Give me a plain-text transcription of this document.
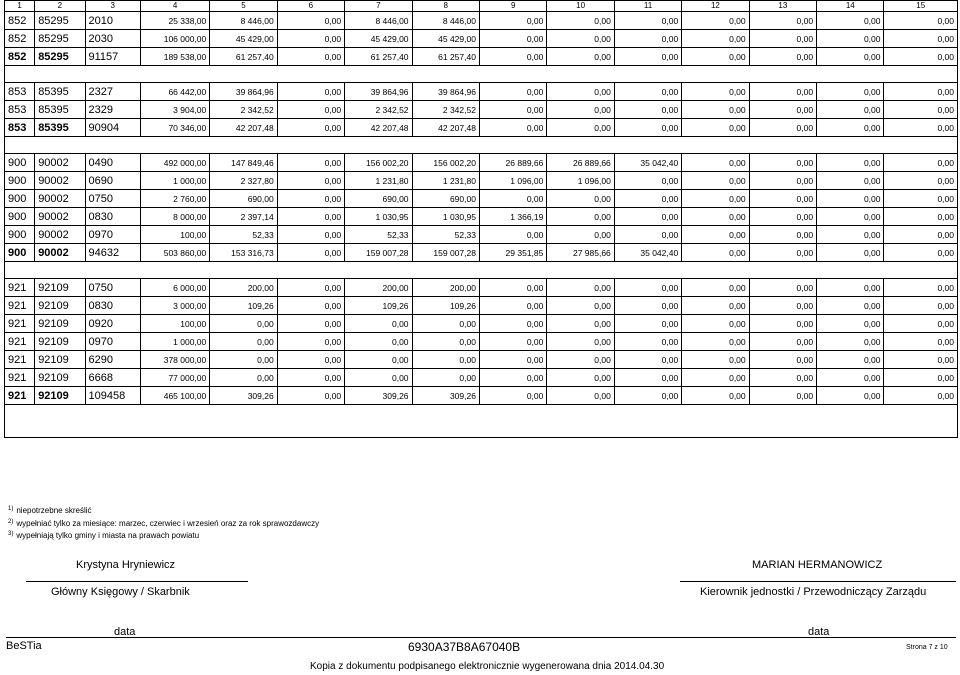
1	2	3	4	5	6	7	8	9	10	11	12	13	14	15
852	85295	2010	25 338,00	8 446,00	0,00	8 446,00	8 446,00	0,00	0,00	0,00	0,00	0,00	0,00	0,00
852	85295	2030	106 000,00	45 429,00	0,00	45 429,00	45 429,00	0,00	0,00	0,00	0,00	0,00	0,00	0,00
852	85295	91157	189 538,00	61 257,40	0,00	61 257,40	61 257,40	0,00	0,00	0,00	0,00	0,00	0,00	0,00

853	85395	2327	66 442,00	39 864,96	0,00	39 864,96	39 864,96	0,00	0,00	0,00	0,00	0,00	0,00	0,00
853	85395	2329	3 904,00	2 342,52	0,00	2 342,52	2 342,52	0,00	0,00	0,00	0,00	0,00	0,00	0,00
853	85395	90904	70 346,00	42 207,48	0,00	42 207,48	42 207,48	0,00	0,00	0,00	0,00	0,00	0,00	0,00

900	90002	0490	492 000,00	147 849,46	0,00	156 002,20	156 002,20	26 889,66	26 889,66	35 042,40	0,00	0,00	0,00	0,00
900	90002	0690	1 000,00	2 327,80	0,00	1 231,80	1 231,80	1 096,00	1 096,00	0,00	0,00	0,00	0,00	0,00
900	90002	0750	2 760,00	690,00	0,00	690,00	690,00	0,00	0,00	0,00	0,00	0,00	0,00	0,00
900	90002	0830	8 000,00	2 397,14	0,00	1 030,95	1 030,95	1 366,19	0,00	0,00	0,00	0,00	0,00	0,00
900	90002	0970	100,00	52,33	0,00	52,33	52,33	0,00	0,00	0,00	0,00	0,00	0,00	0,00
900	90002	94632	503 860,00	153 316,73	0,00	159 007,28	159 007,28	29 351,85	27 985,66	35 042,40	0,00	0,00	0,00	0,00

921	92109	0750	6 000,00	200,00	0,00	200,00	200,00	0,00	0,00	0,00	0,00	0,00	0,00	0,00
921	92109	0830	3 000,00	109,26	0,00	109,26	109,26	0,00	0,00	0,00	0,00	0,00	0,00	0,00
921	92109	0920	100,00	0,00	0,00	0,00	0,00	0,00	0,00	0,00	0,00	0,00	0,00	0,00
921	92109	0970	1 000,00	0,00	0,00	0,00	0,00	0,00	0,00	0,00	0,00	0,00	0,00	0,00
921	92109	6290	378 000,00	0,00	0,00	0,00	0,00	0,00	0,00	0,00	0,00	0,00	0,00	0,00
921	92109	6668	77 000,00	0,00	0,00	0,00	0,00	0,00	0,00	0,00	0,00	0,00	0,00	0,00
921	92109	109458	465 100,00	309,26	0,00	309,26	309,26	0,00	0,00	0,00	0,00	0,00	0,00	0,00

$^{1)}$ niepotrzebne skreślić
$^{2)}$ wypełniać tylko za miesiące: marzec, czerwiec i wrzesień oraz za rok sprawozdawczy
$^{3)}$ wypełniają tylko gminy i miasta na prawach powiatu
Krystyna Hryniewicz
Główny Księgowy / Skarbnik
MARIAN HERMANOWICZ
Kierownik jednostki / Przewodniczący Zarządu
data	data
BeSTia	6930A37B8A67040B	Strona 7 z 10
Kopia z dokumentu podpisanego elektronicznie wygenerowana dnia 2014.04.30
